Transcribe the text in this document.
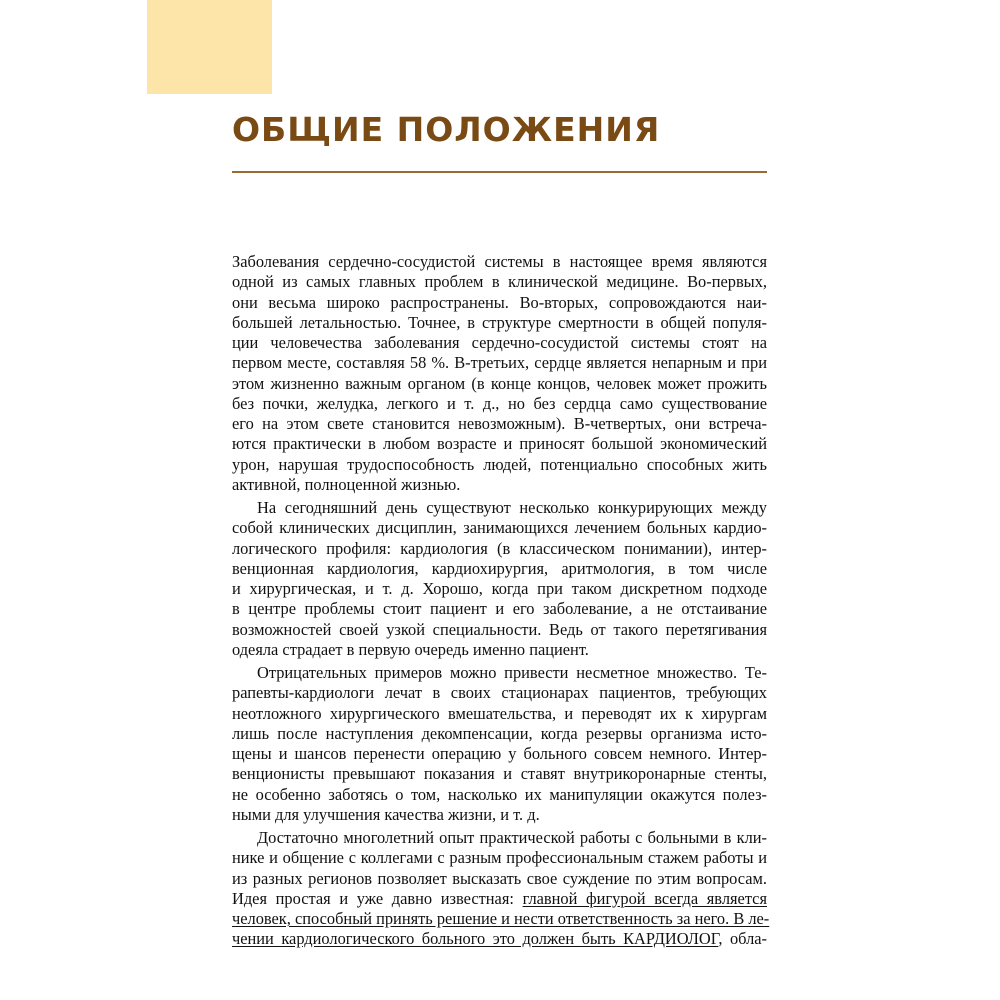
ОБЩИЕ ПОЛОЖЕНИЯ
Заболевания сердечно-сосудистой системы в настоящее время являются
одной из самых главных проблем в клинической медицине. Во-первых,
они весьма широко распространены. Во-вторых, сопровождаются наи-
большей летальностью. Точнее, в структуре смертности в общей популя-
ции человечества заболевания сердечно-сосудистой системы стоят на
первом месте, составляя 58 %. В-третьих, сердце является непарным и при
этом жизненно важным органом (в конце концов, человек может прожить
без почки, желудка, легкого и т. д., но без сердца само существование
его на этом свете становится невозможным). В-четвертых, они встреча-
ются практически в любом возрасте и приносят большой экономический
урон, нарушая трудоспособность людей, потенциально способных жить
активной, полноценной жизнью.
На сегодняшний день существуют несколько конкурирующих между
собой клинических дисциплин, занимающихся лечением больных кардио-
логического профиля: кардиология (в классическом понимании), интер-
венционная кардиология, кардиохирургия, аритмология, в том числе
и хирургическая, и т. д. Хорошо, когда при таком дискретном подходе
в центре проблемы стоит пациент и его заболевание, а не отстаивание
возможностей своей узкой специальности. Ведь от такого перетягивания
одеяла страдает в первую очередь именно пациент.
Отрицательных примеров можно привести несметное множество. Те-
рапевты-кардиологи лечат в своих стационарах пациентов, требующих
неотложного хирургического вмешательства, и переводят их к хирургам
лишь после наступления декомпенсации, когда резервы организма исто-
щены и шансов перенести операцию у больного совсем немного. Интер-
венционисты превышают показания и ставят внутрикоронарные стенты,
не особенно заботясь о том, насколько их манипуляции окажутся полез-
ными для улучшения качества жизни, и т. д.
Достаточно многолетний опыт практической работы с больными в кли-
нике и общение с коллегами с разным профессиональным стажем работы и
из разных регионов позволяет высказать свое суждение по этим вопросам.
Идея простая и уже давно известная: главной фигурой всегда является
человек, способный принять решение и нести ответственность за него. В ле-
чении кардиологического больного это должен быть КАРДИОЛОГ, обла-
